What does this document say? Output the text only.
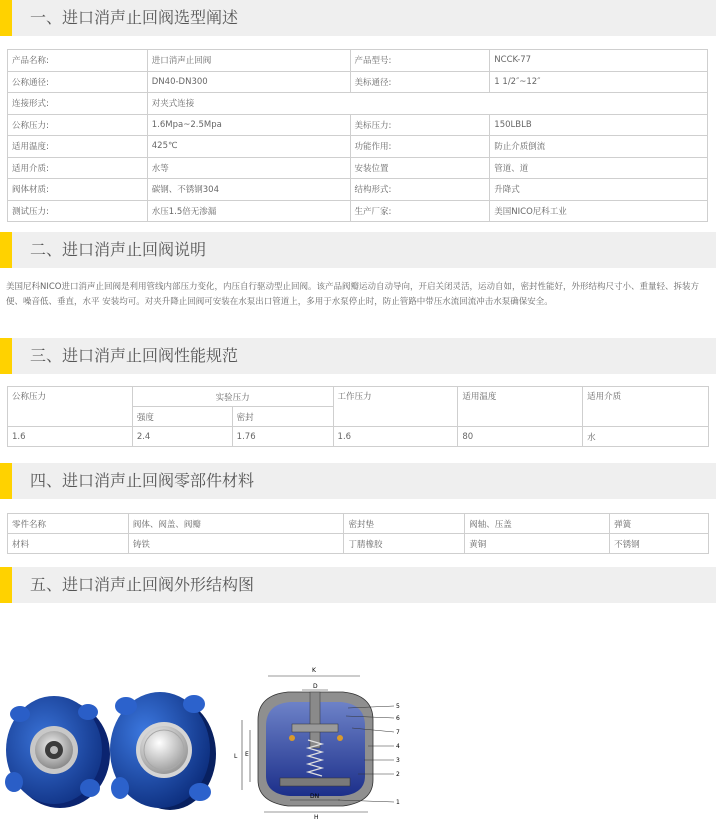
一、进口消声止回阀选型阐述
产品名称:	进口消声止回阀	产品型号:	NCCK-77
公称通径:	DN40-DN300	美标通径:	1 1/2″~12″
连接形式:	对夹式连接		
公称压力:	1.6Mpa~2.5Mpa	美标压力:	150LBLB
适用温度:	425℃	功能作用:	防止介质倒流
适用介质:	水等	安装位置	管道、道
阀体材质:	碳钢、不锈钢304	结构形式:	升降式
测试压力:	水压1.5倍无渗漏	生产厂家:	美国NICO尼科工业
二、进口消声止回阀说明
美国尼科NICO进口消声止回阀是利用管线内部压力变化，内压自行驱动型止回阀。该产品阀瓣运动自动导向，开启关闭灵活，运动自如，密封性能好，外形结构尺寸小、重量轻、拆装方便、噪音低、垂直，水平 安装均可。对夹升降止回阀可安装在水泵出口管道上，多用于水泵停止时，防止管路中带压水流回流冲击水泵确保安全。
三、进口消声止回阀性能规范
公称压力	实验压力		工作压力	适用温度	适用介质
	强度	密封			
1.6	2.4	1.76	1.6	80	水
四、进口消声止回阀零部件材料
零件名称	阀体、阀盖、阀瓣	密封垫	阀轴、压盖	弹簧
材料	铸铁	丁腈橡胶	黄铜	不锈钢
五、进口消声止回阀外形结构图
K
D
L E
DN
H
5
6
7
4
3
2
1
